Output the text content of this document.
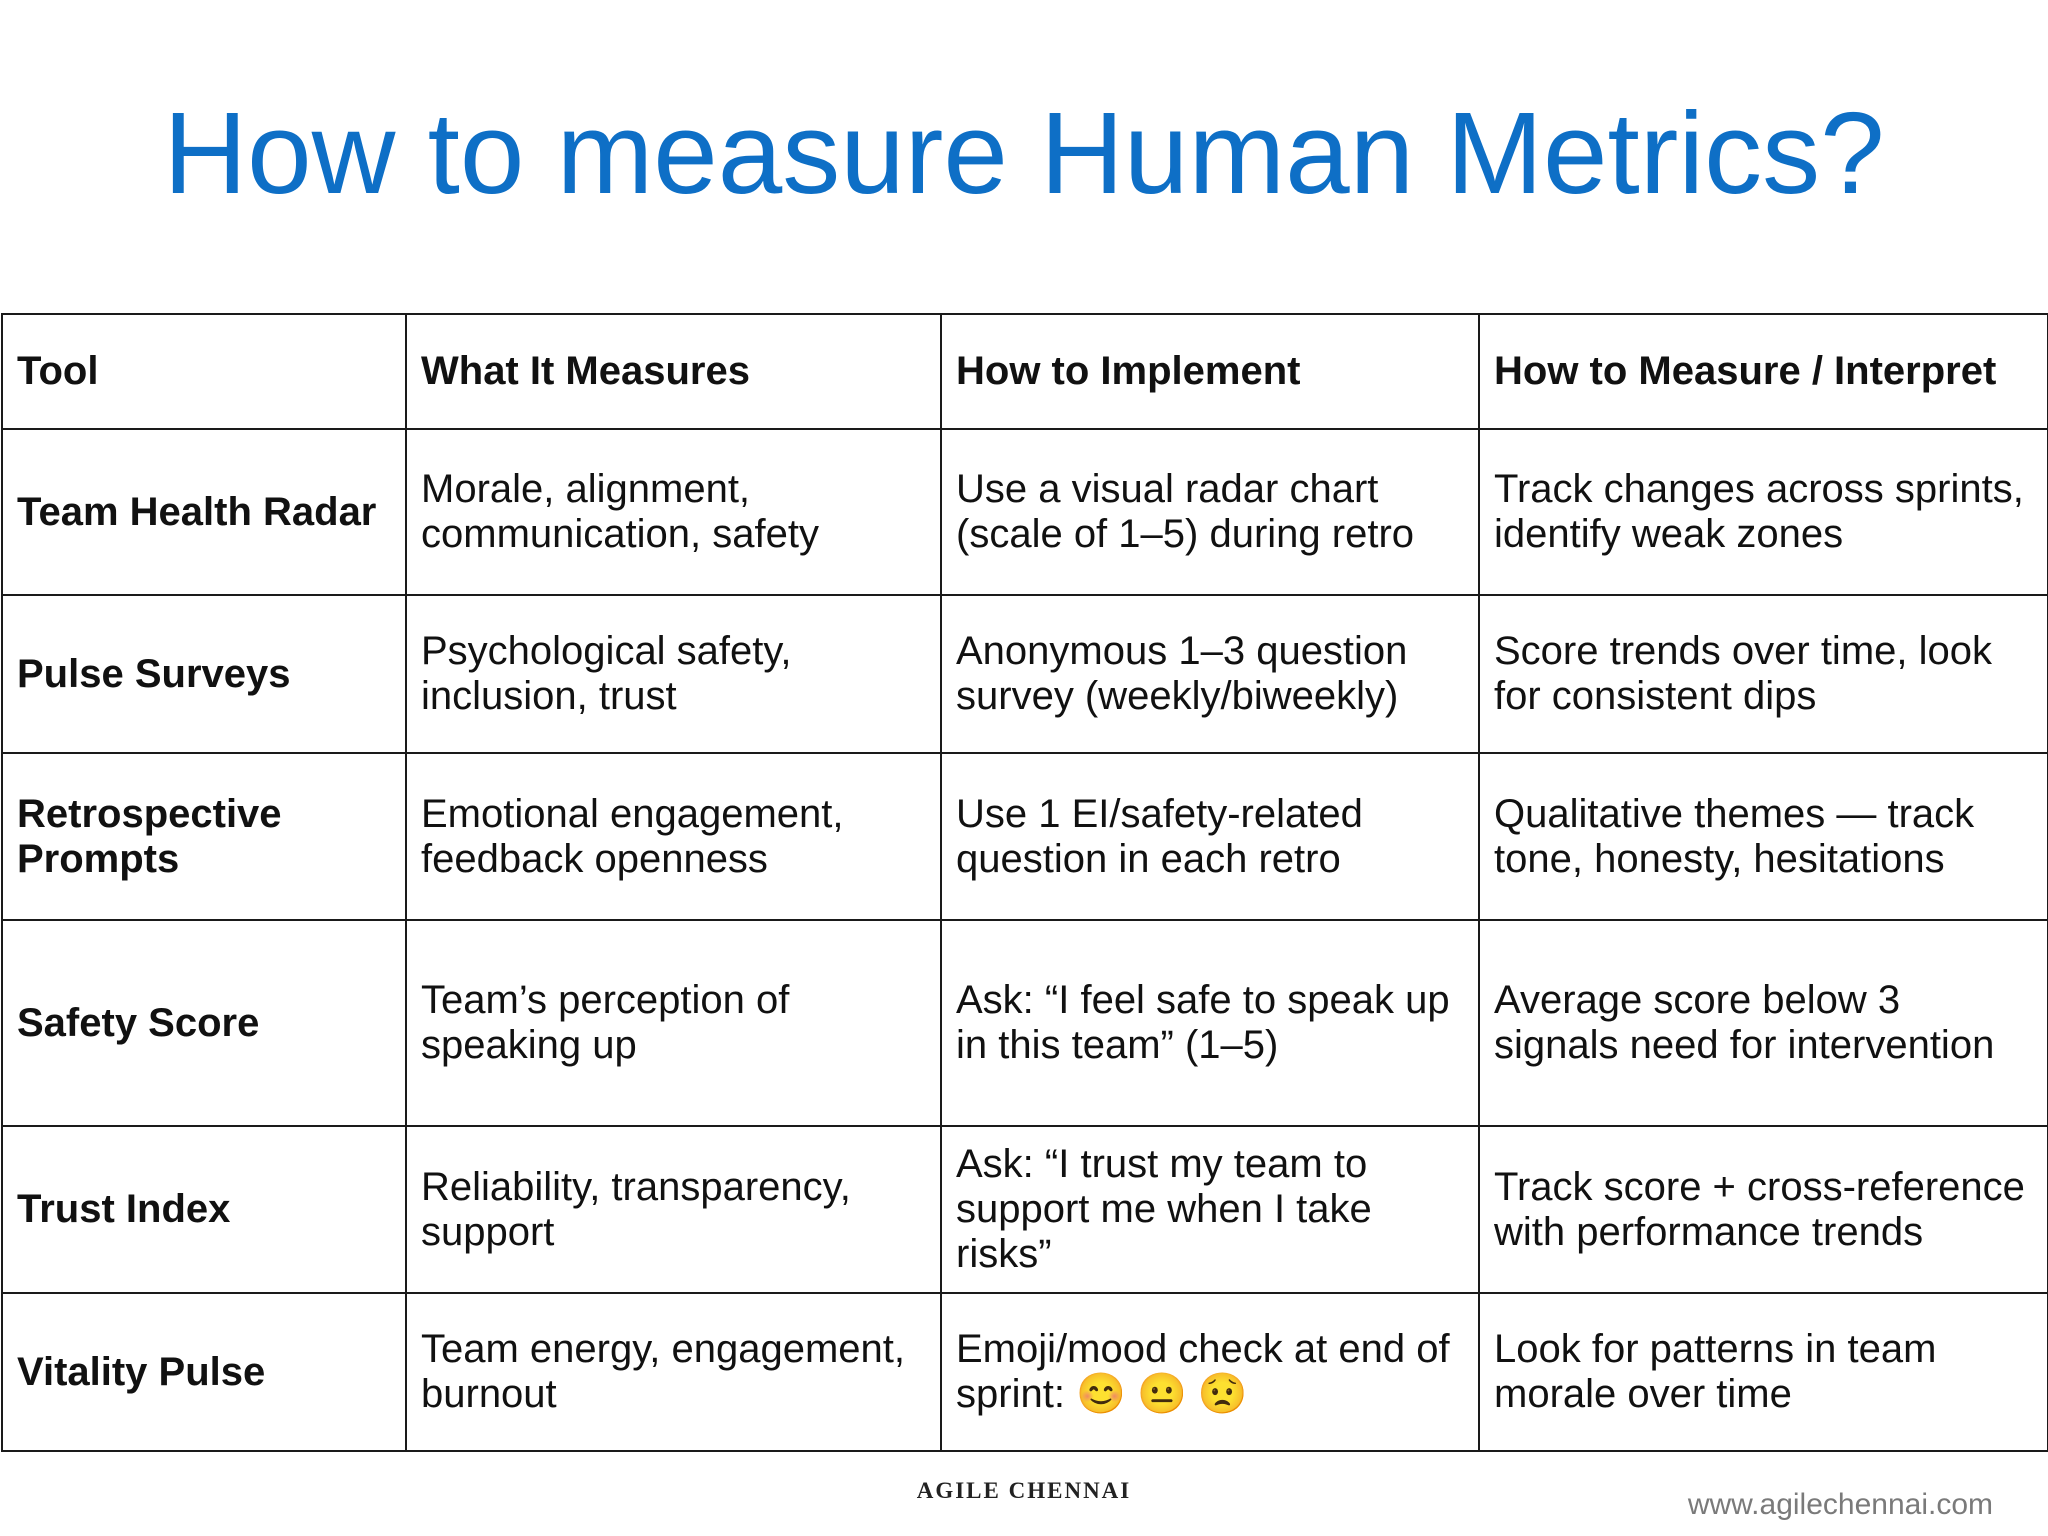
How to measure Human Metrics?
Tool	What It Measures	How to Implement	How to Measure / Interpret

Team Health Radar	Morale, alignment, communication, safety	Use a visual radar chart (scale of 1–5) during retro	Track changes across sprints, identify weak zones

Pulse Surveys	Psychological safety, inclusion, trust	Anonymous 1–3 question survey (weekly/biweekly)	Score trends over time, look for consistent dips

Retrospective Prompts	Emotional engagement, feedback openness	Use 1 EI/safety-related question in each retro	Qualitative themes — track tone, honesty, hesitations

Safety Score	Team’s perception of speaking up	Ask: “I feel safe to speak up in this team” (1–5)	Average score below 3 signals need for intervention

Trust Index	Reliability, transparency, support	Ask: “I trust my team to support me when I take risks”	Track score + cross-reference with performance trends

Vitality Pulse	Team energy, engagement, burnout	Emoji/mood check at end of sprint: 😊 😐 😟	Look for patterns in team morale over time
AGILE CHENNAI	www.agilechennai.com
